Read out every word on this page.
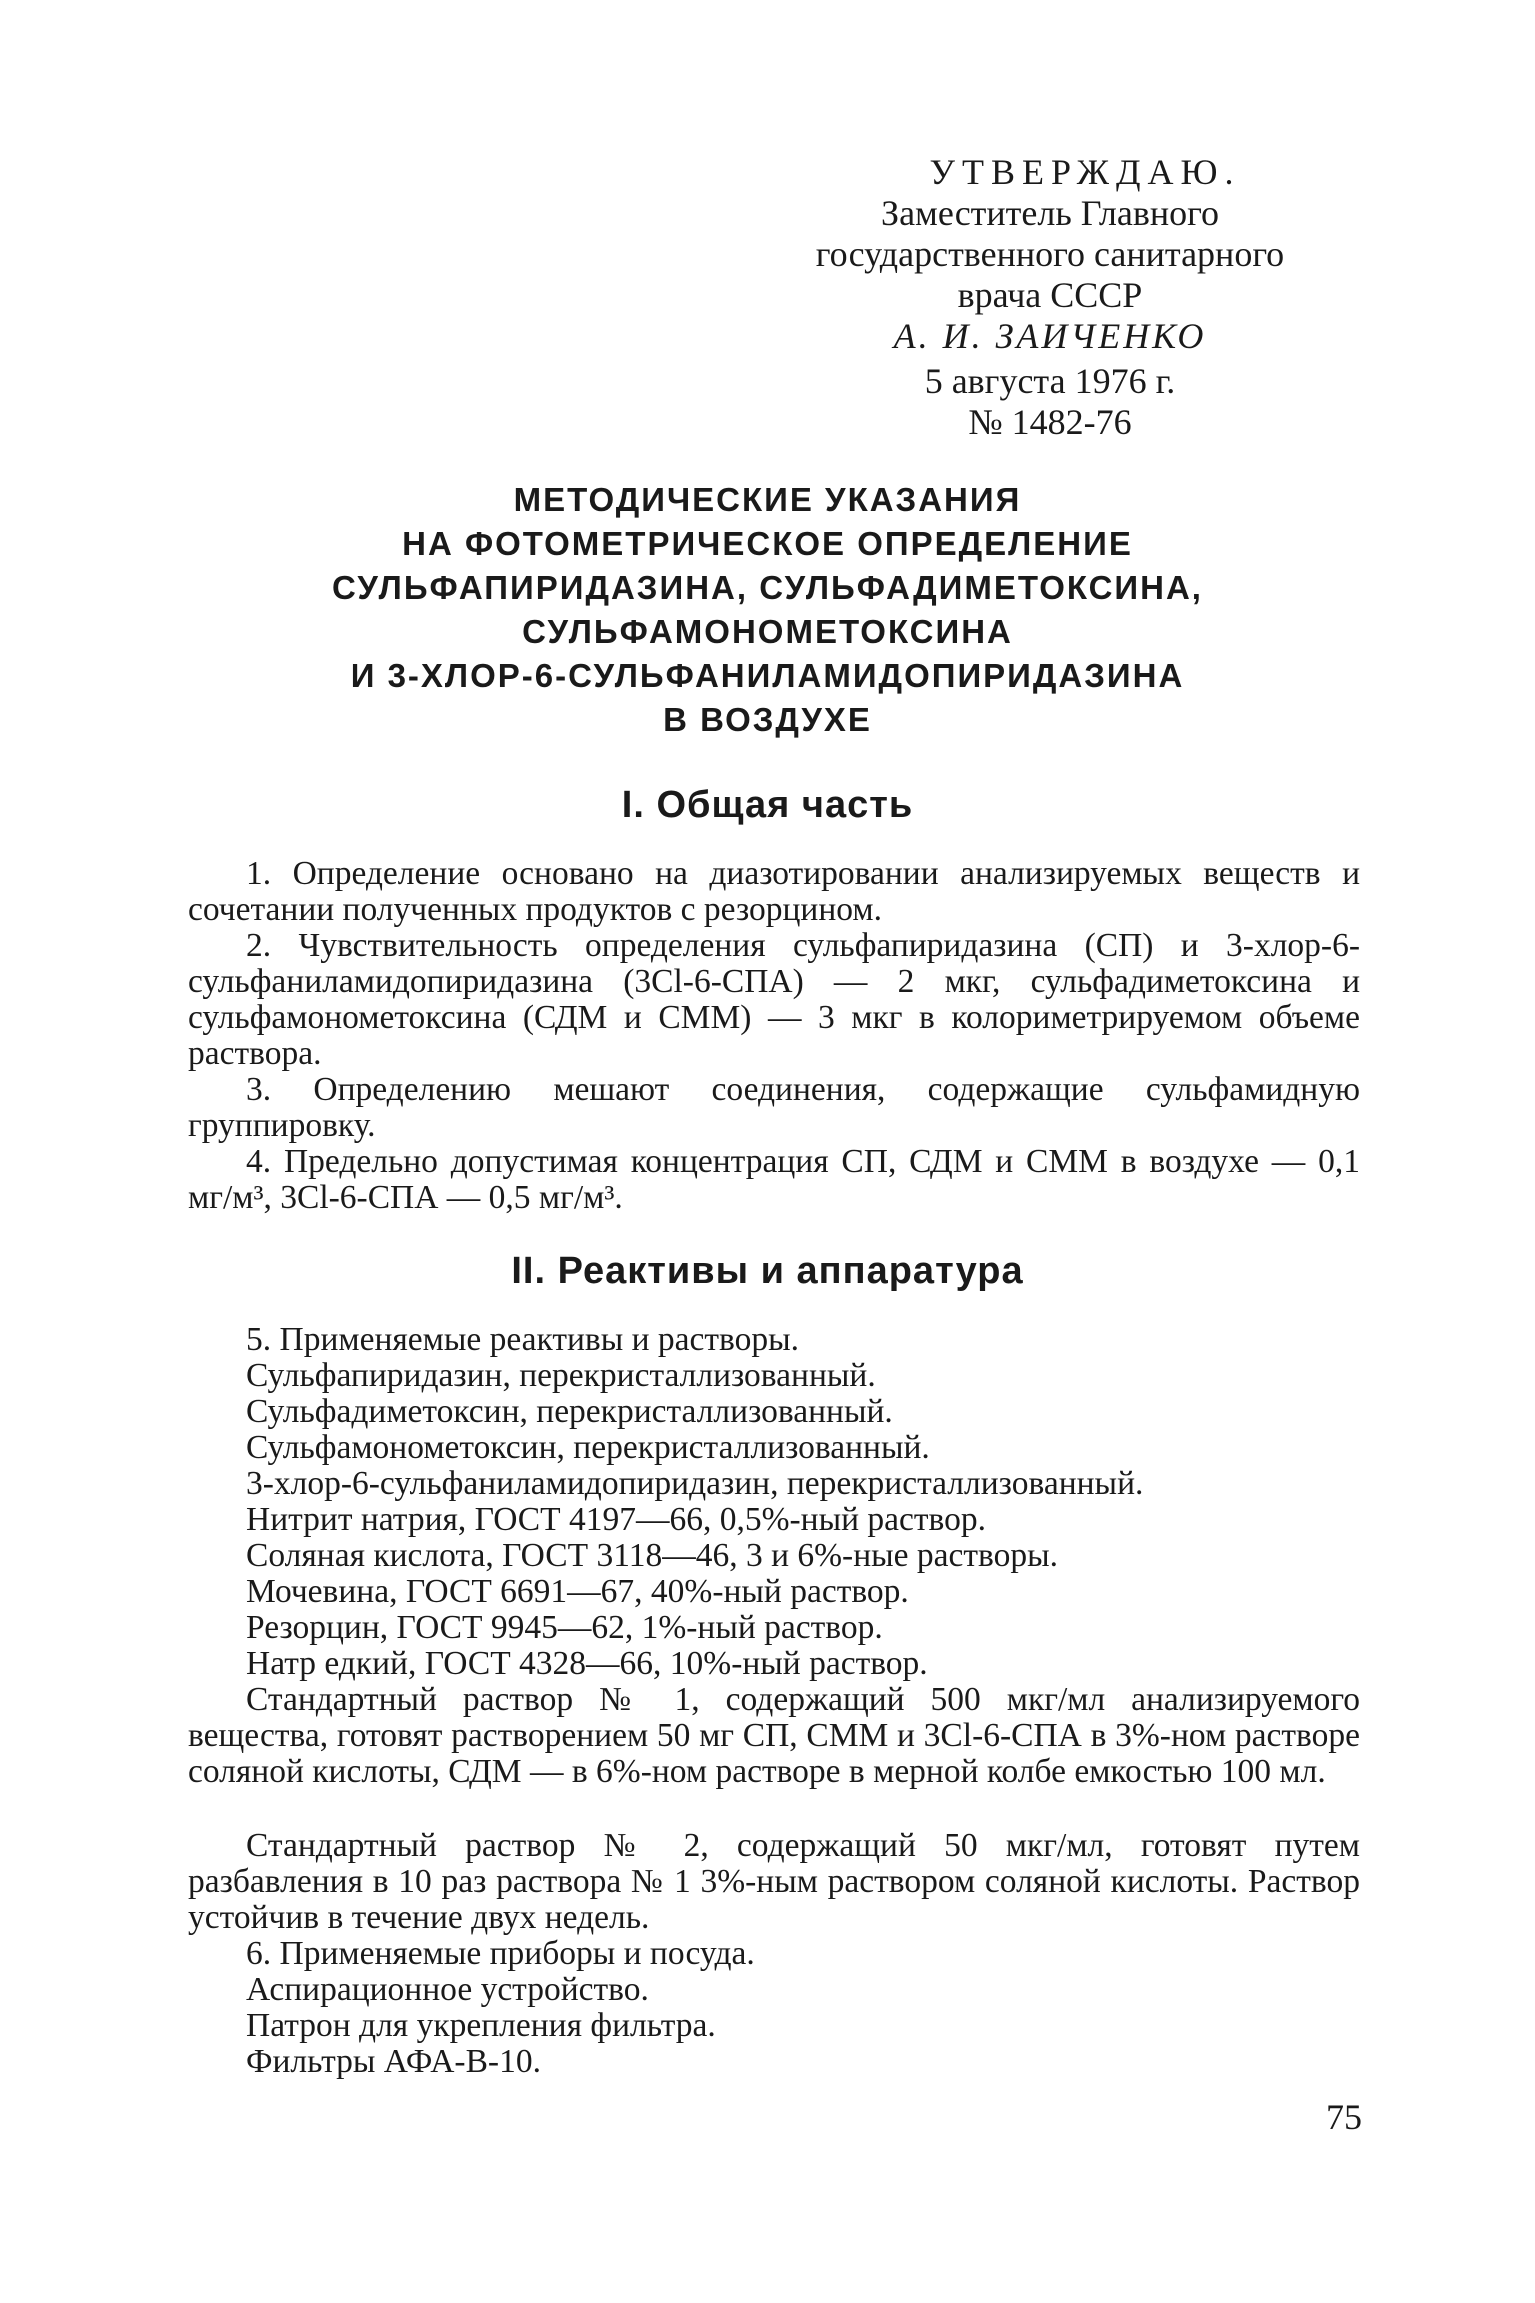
УТВЕРЖДАЮ.
Заместитель Главного
государственного санитарного
врача СССР
А. И. ЗАИЧЕНКО
5 августа 1976 г.
№ 1482-76
МЕТОДИЧЕСКИЕ УКАЗАНИЯ
НА ФОТОМЕТРИЧЕСКОЕ ОПРЕДЕЛЕНИЕ
СУЛЬФАПИРИДАЗИНА, СУЛЬФАДИМЕТОКСИНА,
СУЛЬФАМОНОМЕТОКСИНА
И 3-ХЛОР-6-СУЛЬФАНИЛАМИДОПИРИДАЗИНА
В ВОЗДУХЕ
I. Общая часть

1. Определение основано на диазотировании анализируемых веществ и сочетании полученных продуктов с резорцином.

2. Чувствительность определения сульфапиридазина (СП) и 3-хлор-6-сульфаниламидопиридазина (3Cl-6-СПА) — 2 мкг, сульфадиметоксина и сульфамонометоксина (СДМ и СММ) — 3 мкг в колориметрируемом объеме раствора.

3. Определению мешают соединения, содержащие сульфамидную группировку.

4. Предельно допустимая концентрация СП, СДМ и СММ в воздухе — 0,1 мг/м³, 3Cl-6-СПА — 0,5 мг/м³.

II. Реактивы и аппаратура
5. Применяемые реактивы и растворы.
Сульфапиридазин, перекристаллизованный.
Сульфадиметоксин, перекристаллизованный.
Сульфамонометоксин, перекристаллизованный.
3-хлор-6-сульфаниламидопиридазин, перекристаллизованный.
Нитрит натрия, ГОСТ 4197—66, 0,5%-ный раствор.
Соляная кислота, ГОСТ 3118—46, 3 и 6%-ные растворы.
Мочевина, ГОСТ 6691—67, 40%-ный раствор.
Резорцин, ГОСТ 9945—62, 1%-ный раствор.
Натр едкий, ГОСТ 4328—66, 10%-ный раствор.

Стандартный раствор № 1, содержащий 500 мкг/мл анализируемого вещества, готовят растворением 50 мг СП, СММ и 3Cl-6-СПА в 3%-ном растворе соляной кислоты, СДМ — в 6%-ном растворе в мерной колбе емкостью 100 мл.

Стандартный раствор № 2, содержащий 50 мкг/мл, готовят путем разбавления в 10 раз раствора № 1 3%-ным раствором соляной кислоты. Раствор устойчив в течение двух недель.

6. Применяемые приборы и посуда.
Аспирационное устройство.
Патрон для укрепления фильтра.
Фильтры АФА-В-10.
75
